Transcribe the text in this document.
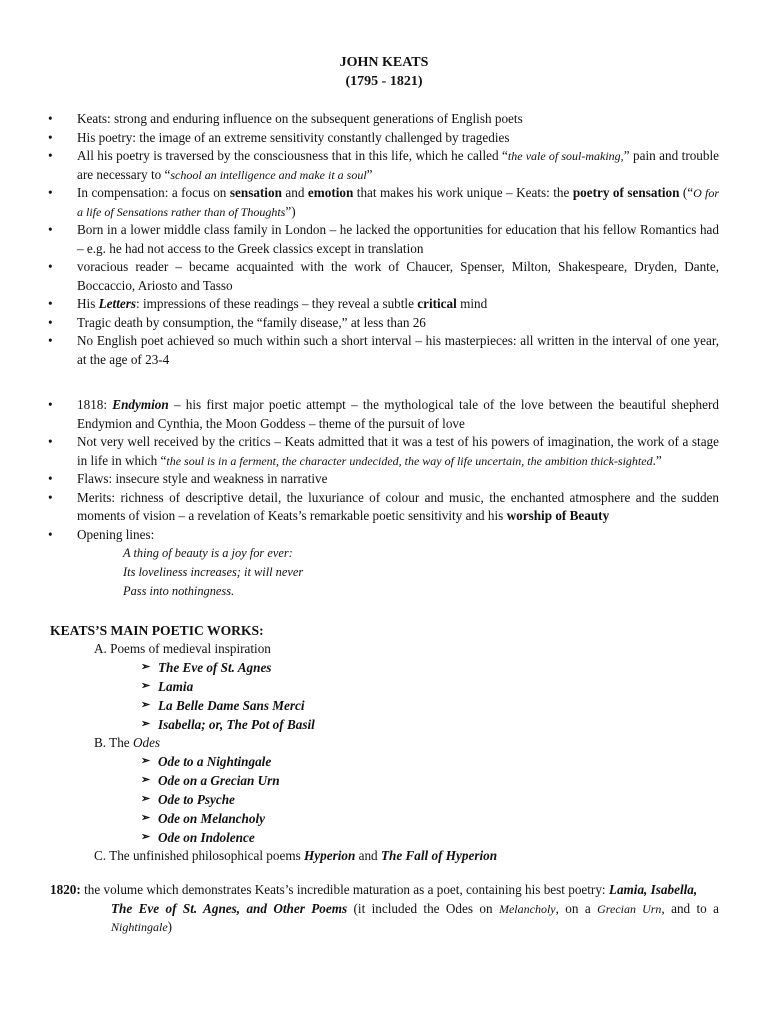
JOHN KEATS
(1795 - 1821)
• Keats: strong and enduring influence on the subsequent generations of English poets
• His poetry: the image of an extreme sensitivity constantly challenged by tragedies
• All his poetry is traversed by the consciousness that in this life, which he called “the vale of soul-making,” pain and trouble are necessary to “school an intelligence and make it a soul”
• In compensation: a focus on sensation and emotion that makes his work unique – Keats: the poetry of sensation (“O for a life of Sensations rather than of Thoughts”)
• Born in a lower middle class family in London – he lacked the opportunities for education that his fellow Romantics had – e.g. he had not access to the Greek classics except in translation
• voracious reader – became acquainted with the work of Chaucer, Spenser, Milton, Shakespeare, Dryden, Dante, Boccaccio, Ariosto and Tasso
• His Letters: impressions of these readings – they reveal a subtle critical mind
• Tragic death by consumption, the “family disease,” at less than 26
• No English poet achieved so much within such a short interval – his masterpieces: all written in the interval of one year, at the age of 23-4
• 1818: Endymion – his first major poetic attempt – the mythological tale of the love between the beautiful shepherd Endymion and Cynthia, the Moon Goddess – theme of the pursuit of love
• Not very well received by the critics – Keats admitted that it was a test of his powers of imagination, the work of a stage in life in which “the soul is in a ferment, the character undecided, the way of life uncertain, the ambition thick-sighted.”
• Flaws: insecure style and weakness in narrative
• Merits: richness of descriptive detail, the luxuriance of colour and music, the enchanted atmosphere and the sudden moments of vision – a revelation of Keats’s remarkable poetic sensitivity and his worship of Beauty
• Opening lines:
A thing of beauty is a joy for ever:
Its loveliness increases; it will never
Pass into nothingness.
KEATS’S MAIN POETIC WORKS:
A. Poems of medieval inspiration
➢ The Eve of St. Agnes
➢ Lamia
➢ La Belle Dame Sans Merci
➢ Isabella; or, The Pot of Basil
B. The Odes
➢ Ode to a Nightingale
➢ Ode on a Grecian Urn
➢ Ode to Psyche
➢ Ode on Melancholy
➢ Ode on Indolence
C. The unfinished philosophical poems Hyperion and The Fall of Hyperion
1820: the volume which demonstrates Keats’s incredible maturation as a poet, containing his best poetry: Lamia, Isabella,
The Eve of St. Agnes, and Other Poems (it included the Odes on Melancholy, on a Grecian Urn, and to a Nightingale)
